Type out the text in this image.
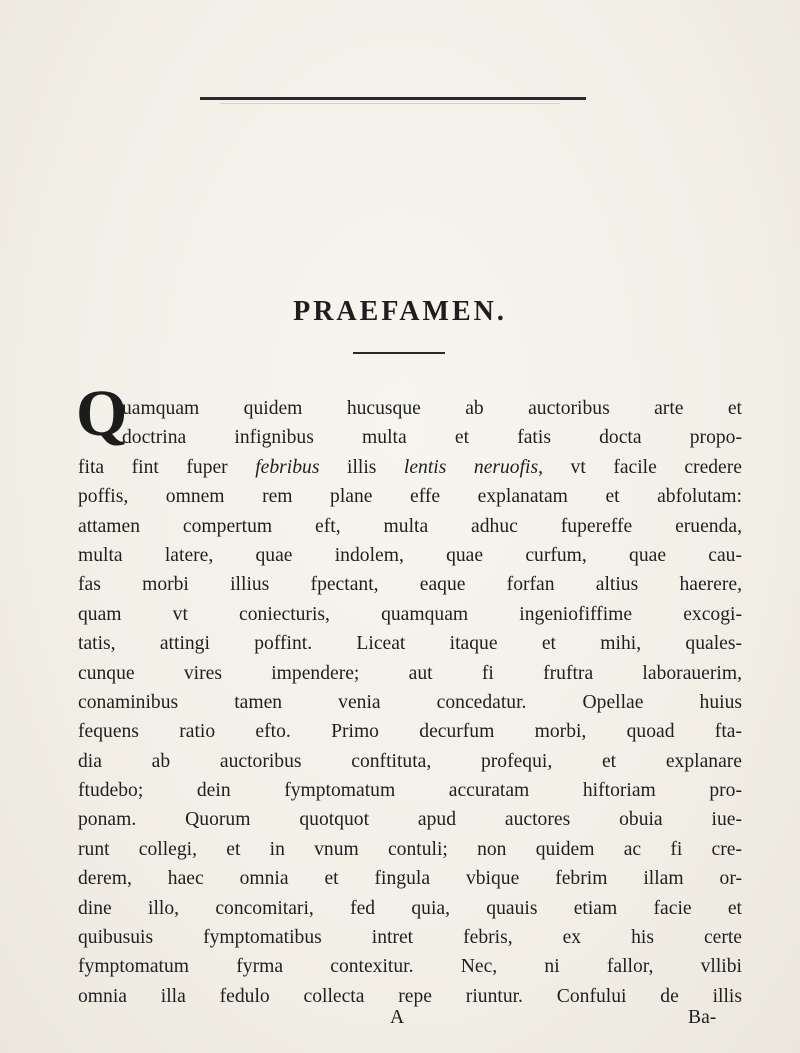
PRAEFAMEN.
Q
uamquam quidem hucusque ab auctoribus arte et
doctrina infignibus multa et fatis docta propo-
fita fint fuper febribus illis lentis neruofis, vt facile credere
poffis, omnem rem plane effe explanatam et abfolutam:
attamen compertum eft, multa adhuc fupereffe eruenda,
multa latere, quae indolem, quae curfum, quae cau-
fas morbi illius fpectant, eaque forfan altius haerere,
quam vt coniecturis, quamquam ingeniofiffime excogi-
tatis, attingi poffint. Liceat itaque et mihi, quales-
cunque vires impendere; aut fi fruftra laborauerim,
conaminibus tamen venia concedatur. Opellae huius
fequens ratio efto. Primo decurfum morbi, quoad fta-
dia ab auctoribus conftituta, profequi, et explanare
ftudebo; dein fymptomatum accuratam hiftoriam pro-
ponam. Quorum quotquot apud auctores obuia iue-
runt collegi, et in vnum contuli; non quidem ac fi cre-
derem, haec omnia et fingula vbique febrim illam or-
dine illo, concomitari, fed quia, quauis etiam facie et
quibusuis fymptomatibus intret febris, ex his certe
fymptomatum fyrma contexitur. Nec, ni fallor, vllibi
omnia illa fedulo collecta repe riuntur. Confului de illis
A	Ba-
